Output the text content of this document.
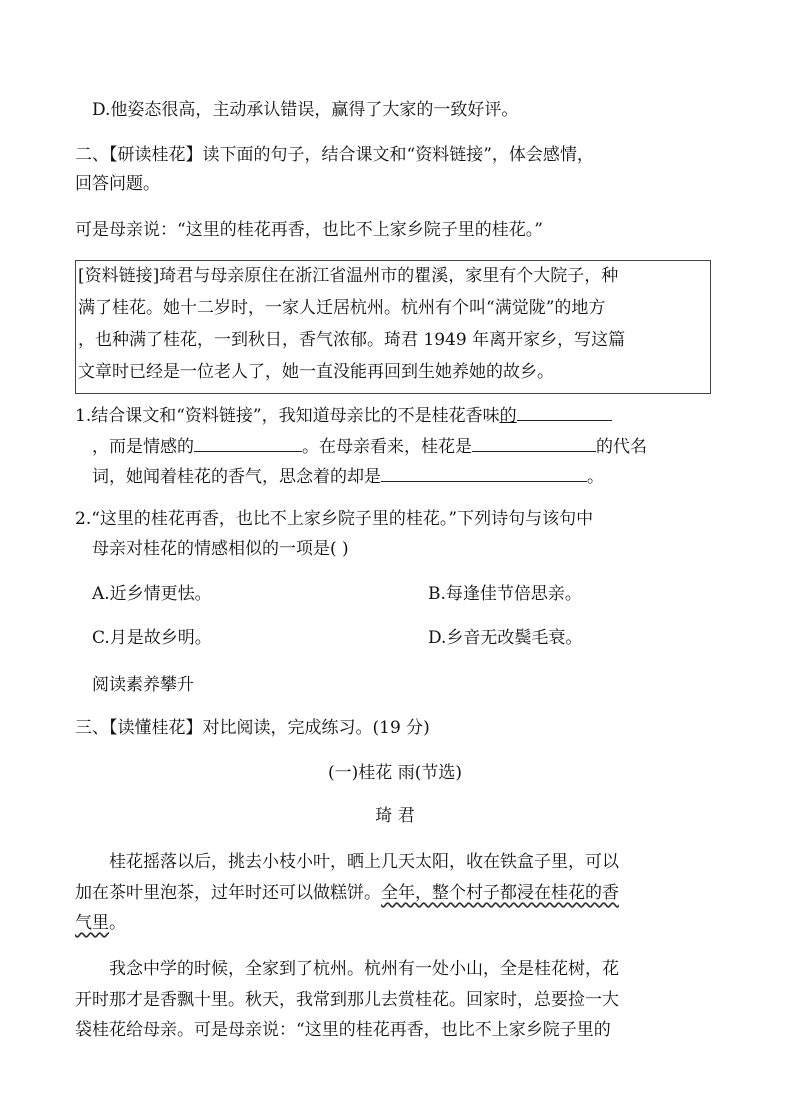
D.他姿态很高，主动承认错误，赢得了大家的一致好评。
二、【研读桂花】读下面的句子，结合课文和“资料链接”，体会感情，
回答问题。
可是母亲说：“这里的桂花再香，也比不上家乡院子里的桂花。”
[资料链接]琦君与母亲原住在浙江省温州市的瞿溪，家里有个大院子，种
满了桂花。她十二岁时，一家人迁居杭州。杭州有个叫“满觉陇”的地方
，也种满了桂花，一到秋日，香气浓郁。琦君 1949 年离开家乡，写这篇
文章时已经是一位老人了，她一直没能再回到生她养她的故乡。
1.结合课文和“资料链接”，我知道母亲比的不是桂花香味的
，而是情感的	。在母亲看来，桂花是	的代名
词，她闻着桂花的香气，思念着的却是	。
2.“这里的桂花再香，也比不上家乡院子里的桂花。”下列诗句与该句中
母亲对桂花的情感相似的一项是( )
A.近乡情更怯。	B.每逢佳节倍思亲。
C.月是故乡明。	D.乡音无改鬓毛衰。
阅读素养攀升
三、【读懂桂花】对比阅读，完成练习。(19 分)
(一)桂花 雨(节选)
琦 君
桂花摇落以后，挑去小枝小叶，晒上几天太阳，收在铁盒子里，可以
加在茶叶里泡茶，过年时还可以做糕饼。全年，整个村子都浸在桂花的香
气里。
我念中学的时候，全家到了杭州。杭州有一处小山，全是桂花树，花
开时那才是香飘十里。秋天，我常到那儿去赏桂花。回家时，总要捡一大
袋桂花给母亲。可是母亲说：“这里的桂花再香，也比不上家乡院子里的
